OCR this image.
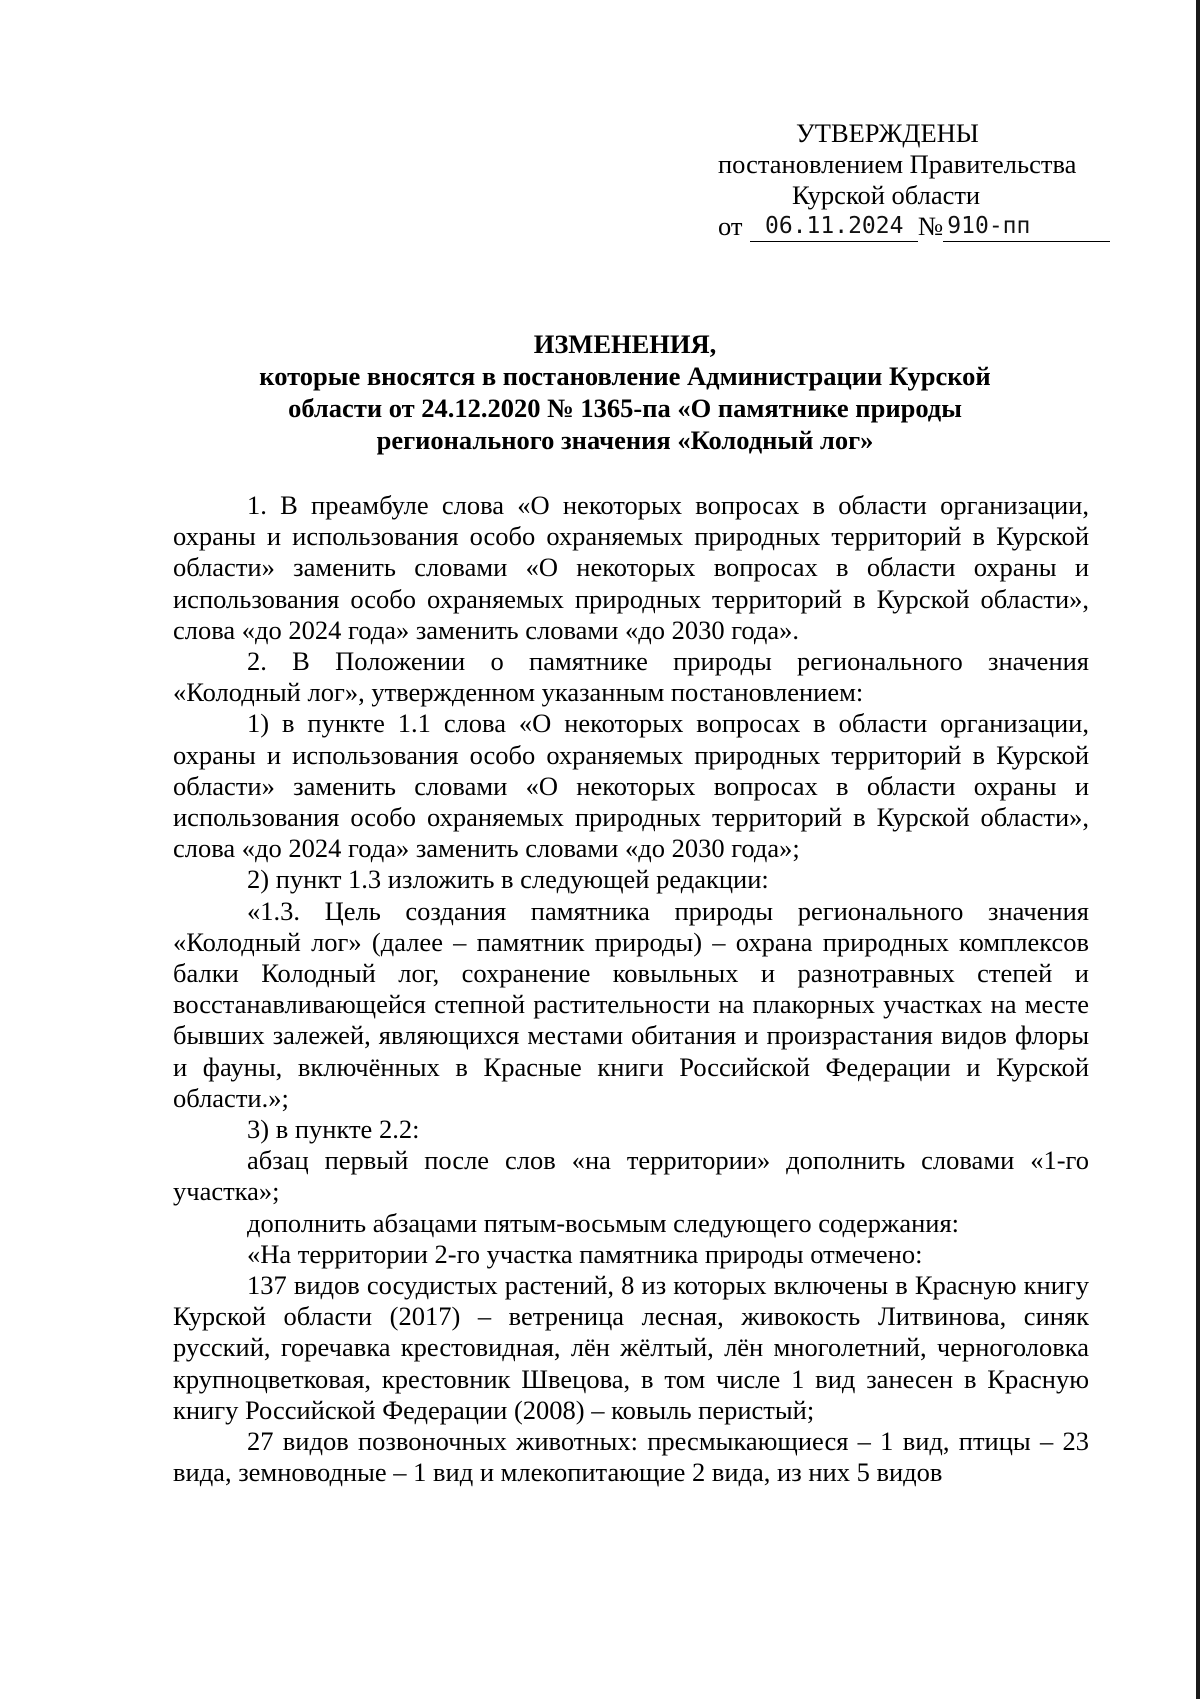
УТВЕРЖДЕНЫ
постановлением Правительства
Курской области
от 06.11.2024 № 910-пп
ИЗМЕНЕНИЯ,
которые вносятся в постановление Администрации Курской
области от 24.12.2020 № 1365-па «О памятнике природы
регионального значения «Колодный лог»

1. В преамбуле слова «О некоторых вопросах в области организации, охраны и использования особо охраняемых природных территорий в Курской области» заменить словами «О некоторых вопросах в области охраны и использования особо охраняемых природных территорий в Курской области», слова «до 2024 года» заменить словами «до 2030 года».

2. В Положении о памятнике природы регионального значения «Колодный лог», утвержденном указанным постановлением:

1) в пункте 1.1 слова «О некоторых вопросах в области организации, охраны и использования особо охраняемых природных территорий в Курской области» заменить словами «О некоторых вопросах в области охраны и использования особо охраняемых природных территорий в Курской области», слова «до 2024 года» заменить словами «до 2030 года»;

2) пункт 1.3 изложить в следующей редакции:

«1.3. Цель создания памятника природы регионального значения «Колодный лог» (далее – памятник природы) – охрана природных комплексов балки Колодный лог, сохранение ковыльных и разнотравных степей и восстанавливающейся степной растительности на плакорных участках на месте бывших залежей, являющихся местами обитания и произрастания видов флоры и фауны, включённых в Красные книги Российской Федерации и Курской области.»;

3) в пункте 2.2:

абзац первый после слов «на территории» дополнить словами «1-го участка»;

дополнить абзацами пятым-восьмым следующего содержания:

«На территории 2-го участка памятника природы отмечено:

137 видов сосудистых растений, 8 из которых включены в Красную книгу Курской области (2017) – ветреница лесная, живокость Литвинова, синяк русский, горечавка крестовидная, лён жёлтый, лён многолетний, черноголовка крупноцветковая, крестовник Швецова, в том числе 1 вид занесен в Красную книгу Российской Федерации (2008) – ковыль перистый;

27 видов позвоночных животных: пресмыкающиеся – 1 вид, птицы – 23 вида, земноводные – 1 вид и млекопитающие 2 вида, из них 5 видов
